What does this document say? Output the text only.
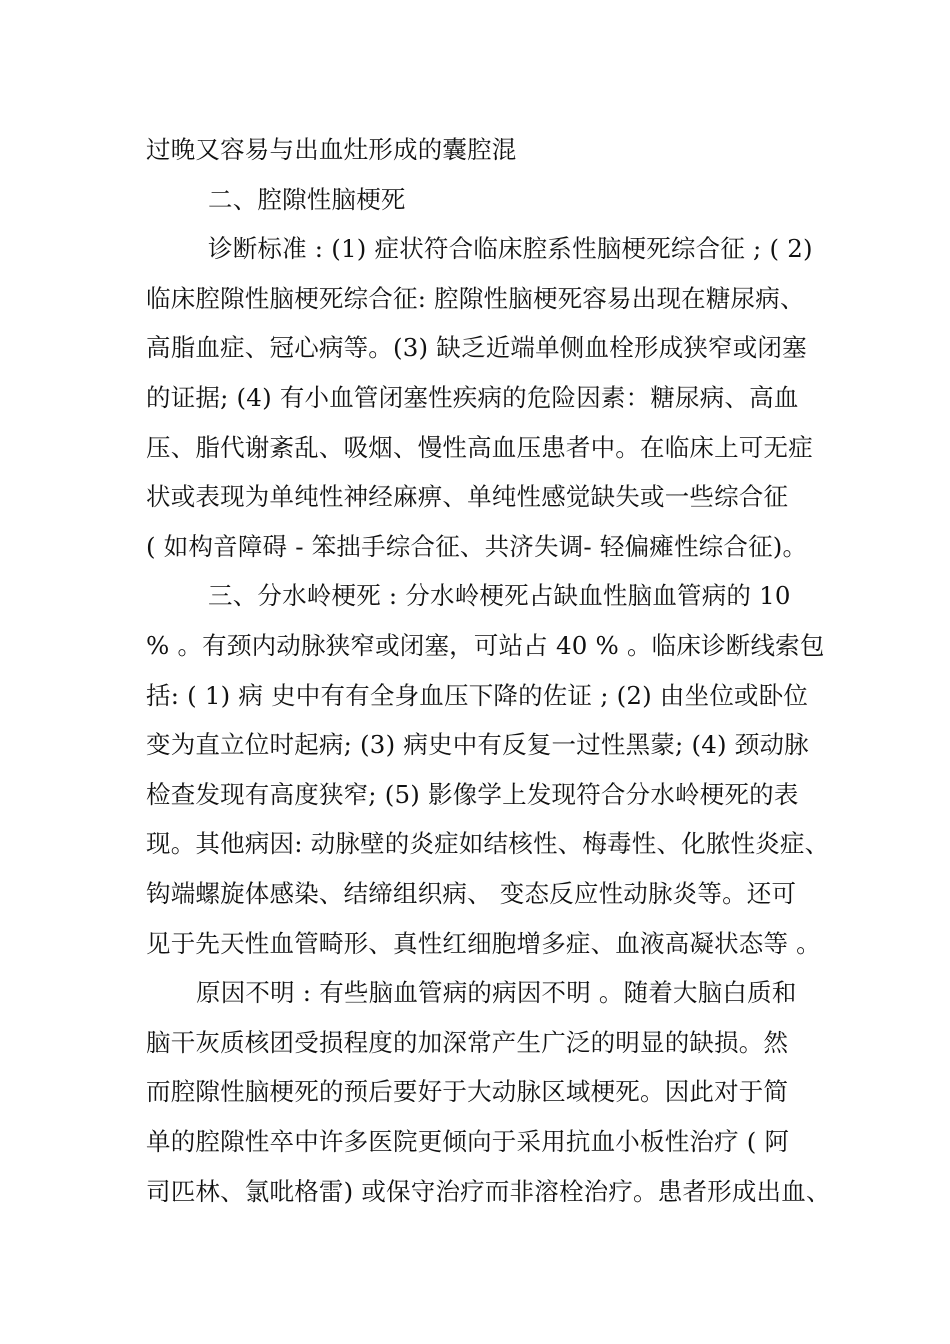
过晚又容易与出血灶形成的囊腔混
二、腔隙性脑梗死
诊断标准 : (1) 症状符合临床腔系性脑梗死综合征 ; ( 2)
临床腔隙性脑梗死综合征: 腔隙性脑梗死容易出现在糖尿病、
高脂血症、冠心病等。(3) 缺乏近端单侧血栓形成狭窄或闭塞
的证据; (4) 有小血管闭塞性疾病的危险因素：糖尿病、高血
压、脂代谢紊乱、吸烟、慢性高血压患者中。在临床上可无症
状或表现为单纯性神经麻痹、单纯性感觉缺失或一些综合征
( 如构音障碍 - 笨拙手综合征、共济失调- 轻偏瘫性综合征)。
三、分水岭梗死 : 分水岭梗死占缺血性脑血管病的 10
% 。有颈内动脉狭窄或闭塞，可站占 40 % 。临床诊断线索包
括: ( 1) 病 史中有有全身血压下降的佐证 ; (2) 由坐位或卧位
变为直立位时起病; (3) 病史中有反复一过性黑蒙; (4) 颈动脉
检查发现有高度狭窄; (5) 影像学上发现符合分水岭梗死的表
现。其他病因: 动脉壁的炎症如结核性、梅毒性、化脓性炎症、
钩端螺旋体感染、结缔组织病、 变态反应性动脉炎等。还可
见于先天性血管畸形、真性红细胞增多症、血液高凝状态等 。
原因不明 : 有些脑血管病的病因不明 。随着大脑白质和
脑干灰质核团受损程度的加深常产生广泛的明显的缺损。然
而腔隙性脑梗死的预后要好于大动脉区域梗死。因此对于简
单的腔隙性卒中许多医院更倾向于采用抗血小板性治疗 ( 阿
司匹林、氯吡格雷) 或保守治疗而非溶栓治疗。患者形成出血、
